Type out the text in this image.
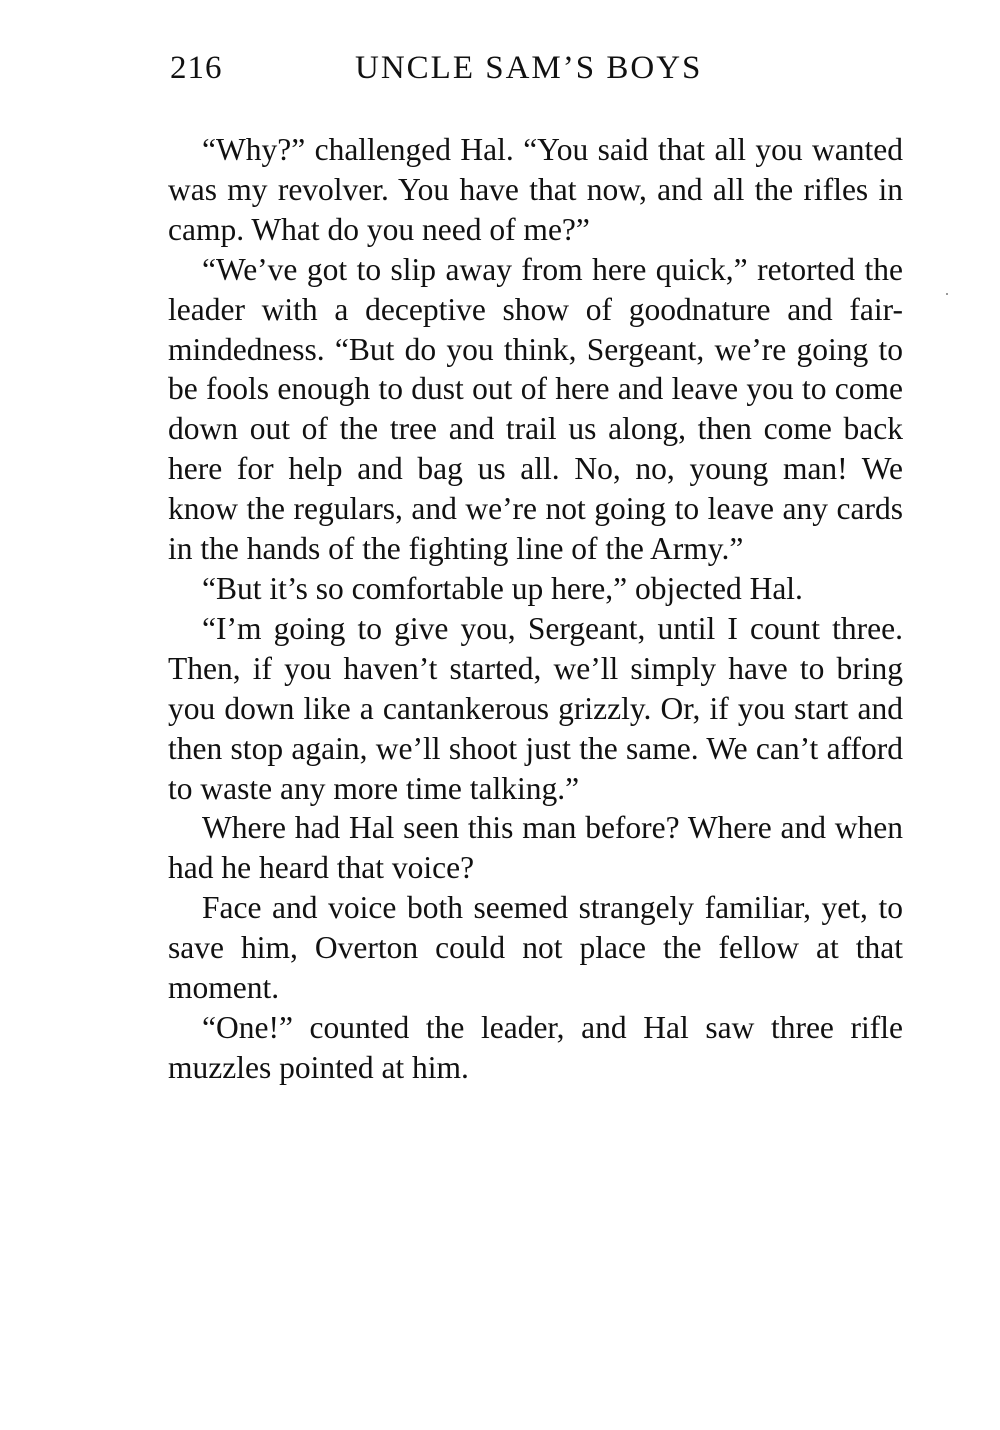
216	UNCLE SAM’S BOYS

“Why?” challenged Hal. “You said that all you wanted was my revolver. You have that now, and all the rifles in camp. What do you need of me?”

“We’ve got to slip away from here quick,” retorted the leader with a deceptive show of goodnature and fair-mindedness. “But do you think, Sergeant, we’re going to be fools enough to dust out of here and leave you to come down out of the tree and trail us along, then come back here for help and bag us all. No, no, young man! We know the regulars, and we’re not going to leave any cards in the hands of the fighting line of the Army.”

“But it’s so comfortable up here,” objected Hal.

“I’m going to give you, Sergeant, until I count three. Then, if you haven’t started, we’ll simply have to bring you down like a cantankerous grizzly. Or, if you start and then stop again, we’ll shoot just the same. We can’t afford to waste any more time talking.”

Where had Hal seen this man before? Where and when had he heard that voice?

Face and voice both seemed strangely familiar, yet, to save him, Overton could not place the fellow at that moment.

“One!” counted the leader, and Hal saw three rifle muzzles pointed at him.
